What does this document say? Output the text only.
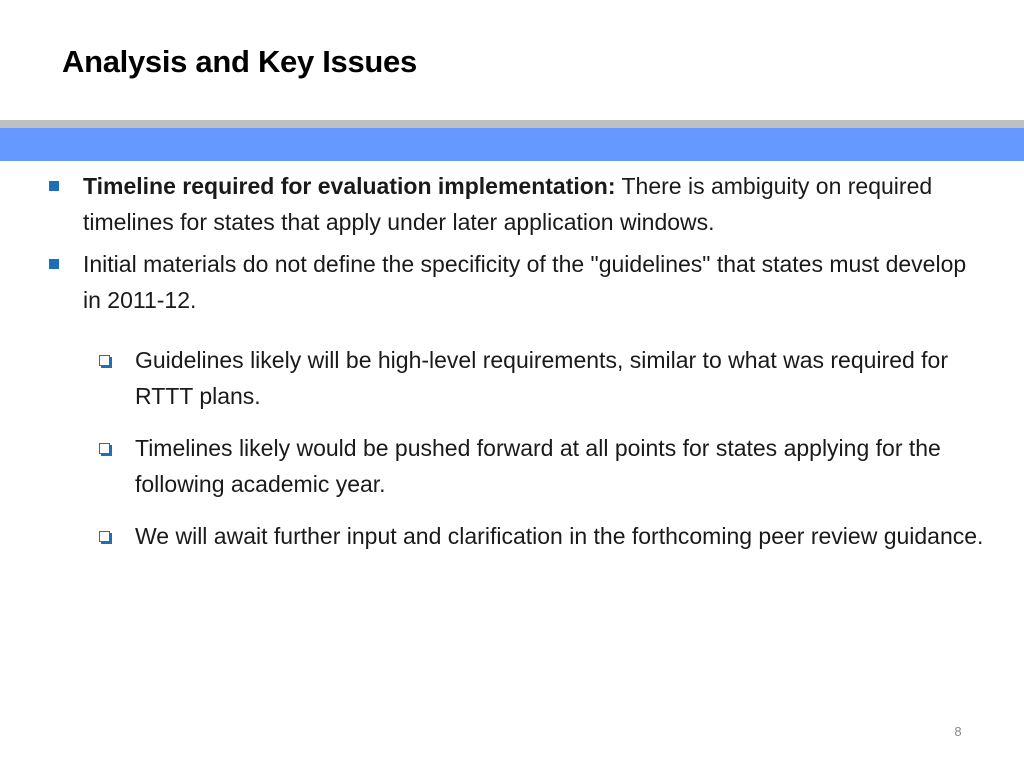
Analysis and Key Issues
Timeline required for evaluation implementation: There is ambiguity on required timelines for states that apply under later application windows.
Initial materials do not define the specificity of the "guidelines" that states must develop in 2011-12.
Guidelines likely will be high-level requirements, similar to what was required for RTTT plans.
Timelines likely would be pushed forward at all points for states applying for the following academic year.
We will await further input and clarification in the forthcoming peer review guidance.
8
